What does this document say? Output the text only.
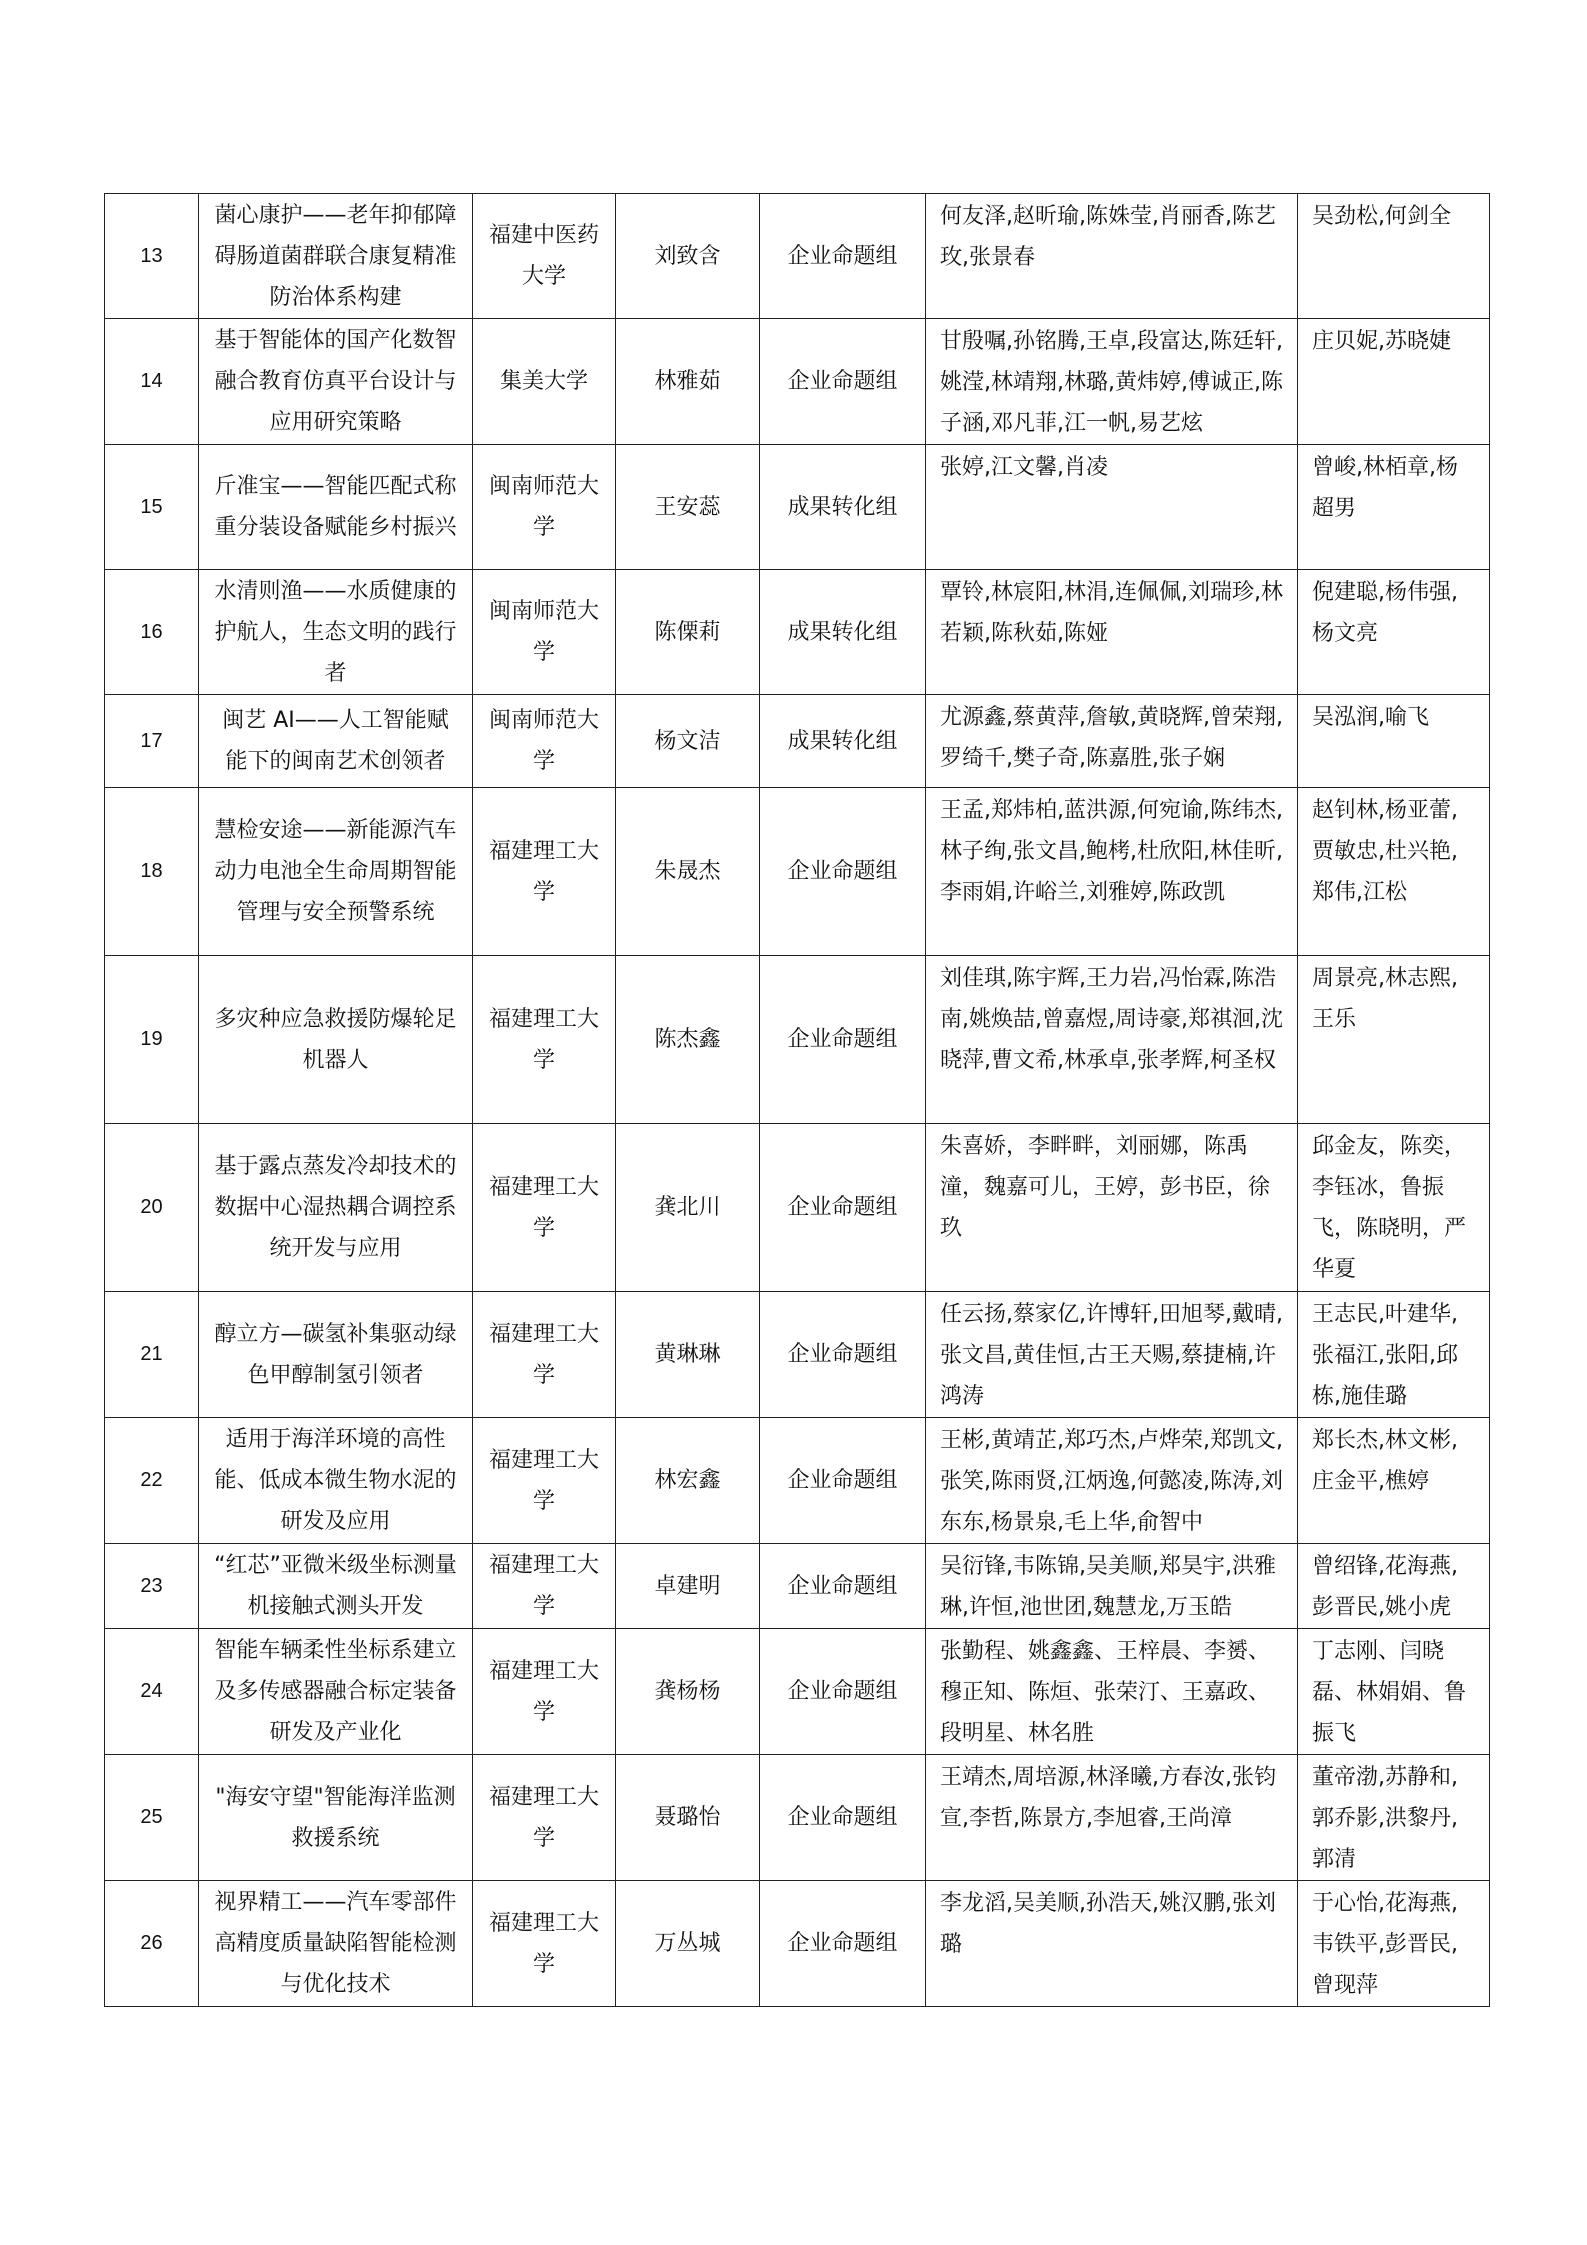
13	菌心康护——老年抑郁障碍肠道菌群联合康复精准防治体系构建	福建中医药大学	刘致含	企业命题组	何友泽,赵昕瑜,陈姝莹,肖丽香,陈艺玫,张景春	吴劲松,何剑全
14	基于智能体的国产化数智融合教育仿真平台设计与应用研究策略	集美大学	林雅茹	企业命题组	甘殷嘱,孙铭腾,王卓,段富达,陈廷轩,姚滢,林靖翔,林璐,黄炜婷,傅诚正,陈子涵,邓凡菲,江一帆,易艺炫	庄贝妮,苏晓婕
15	斤准宝——智能匹配式称重分装设备赋能乡村振兴	闽南师范大学	王安蕊	成果转化组	张婷,江文馨,肖凌	曾峻,林栢章,杨超男
16	水清则渔——水质健康的护航人，生态文明的践行者	闽南师范大学	陈傈莉	成果转化组	覃铃,林宸阳,林涓,连佩佩,刘瑞珍,林若颖,陈秋茹,陈娅	倪建聪,杨伟强,杨文亮
17	闽艺 AI——人工智能赋能下的闽南艺术创领者	闽南师范大学	杨文洁	成果转化组	尤源鑫,蔡黄萍,詹敏,黄晓辉,曾荣翔,罗绮千,樊子奇,陈嘉胜,张子娴	吴泓润,喻飞
18	慧检安途——新能源汽车动力电池全生命周期智能管理与安全预警系统	福建理工大学	朱晟杰	企业命题组	王孟,郑炜柏,蓝洪源,何宛谕,陈纬杰,林子绚,张文昌,鲍栲,杜欣阳,林佳昕,李雨娟,许峪兰,刘雅婷,陈政凯	赵钊林,杨亚蕾,贾敏忠,杜兴艳,郑伟,江松
19	多灾种应急救援防爆轮足机器人	福建理工大学	陈杰鑫	企业命题组	刘佳琪,陈宇辉,王力岩,冯怡霖,陈浩南,姚焕喆,曾嘉煜,周诗豪,郑祺洄,沈晓萍,曹文希,林承卓,张孝辉,柯圣权	周景亮,林志熙,王乐
20	基于露点蒸发冷却技术的数据中心湿热耦合调控系统开发与应用	福建理工大学	龚北川	企业命题组	朱喜娇，李畔畔，刘丽娜，陈禹潼，魏嘉可儿，王婷，彭书臣，徐玖	邱金友，陈奕，李钰冰，鲁振飞，陈晓明，严华夏
21	醇立方—碳氢补集驱动绿色甲醇制氢引领者	福建理工大学	黄琳琳	企业命题组	任云扬,蔡家亿,许博轩,田旭琴,戴晴,张文昌,黄佳恒,古王天赐,蔡捷楠,许鸿涛	王志民,叶建华,张福江,张阳,邱栋,施佳璐
22	适用于海洋环境的高性能、低成本微生物水泥的研发及应用	福建理工大学	林宏鑫	企业命题组	王彬,黄靖芷,郑巧杰,卢烨荣,郑凯文,张笑,陈雨贤,江炳逸,何懿凌,陈涛,刘东东,杨景泉,毛上华,俞智中	郑长杰,林文彬,庄金平,樵婷
23	“红芯”亚微米级坐标测量机接触式测头开发	福建理工大学	卓建明	企业命题组	吴衍锋,韦陈锦,吴美顺,郑昊宇,洪雅琳,许恒,池世团,魏慧龙,万玉皓	曾绍锋,花海燕,彭晋民,姚小虎
24	智能车辆柔性坐标系建立及多传感器融合标定装备研发及产业化	福建理工大学	龚杨杨	企业命题组	张勤程、姚鑫鑫、王梓晨、李赟、穆正知、陈烜、张荣汀、王嘉政、段明星、林名胜	丁志刚、闫晓磊、林娟娟、鲁振飞
25	"海安守望"智能海洋监测救援系统	福建理工大学	聂璐怡	企业命题组	王靖杰,周培源,林泽曦,方春汝,张钧宣,李哲,陈景方,李旭睿,王尚漳	董帝渤,苏静和,郭乔影,洪黎丹,郭清
26	视界精工——汽车零部件高精度质量缺陷智能检测与优化技术	福建理工大学	万丛城	企业命题组	李龙滔,吴美顺,孙浩天,姚汉鹏,张刘璐	于心怡,花海燕,韦铁平,彭晋民,曾现萍
